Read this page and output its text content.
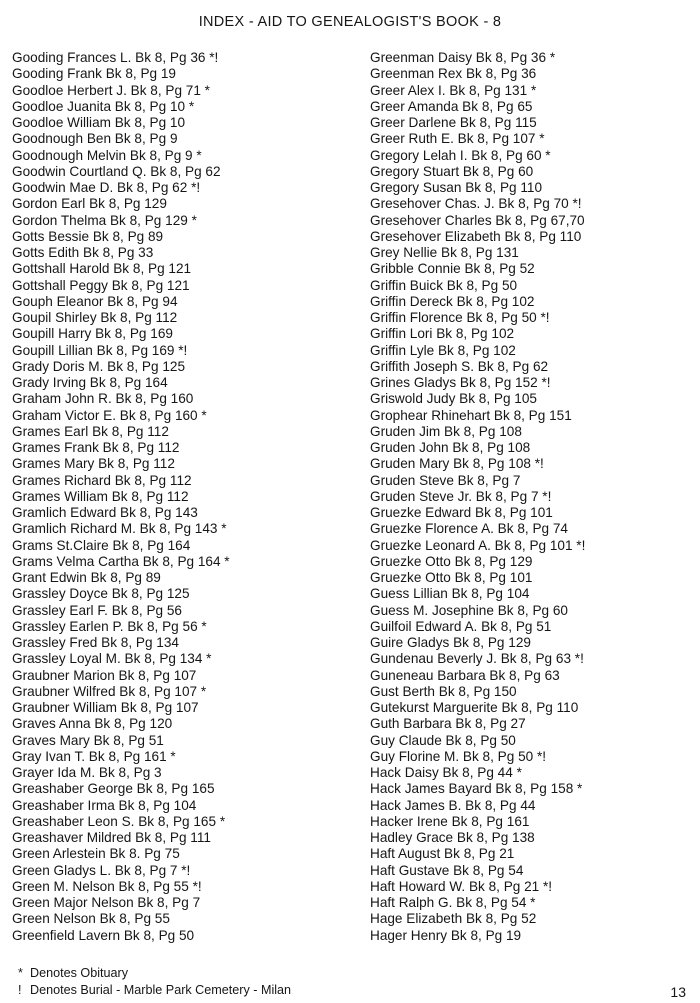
INDEX - AID TO GENEALOGIST'S BOOK - 8
Gooding Frances L. Bk 8, Pg 36 *!
Gooding Frank Bk 8, Pg 19
Goodloe Herbert J. Bk 8, Pg 71 *
Goodloe Juanita Bk 8, Pg 10 *
Goodloe William Bk 8, Pg 10
Goodnough Ben Bk 8, Pg 9
Goodnough Melvin Bk 8, Pg 9 *
Goodwin Courtland Q. Bk 8, Pg 62
Goodwin Mae D. Bk 8, Pg 62 *!
Gordon Earl Bk 8, Pg 129
Gordon Thelma Bk 8, Pg 129 *
Gotts Bessie Bk 8, Pg 89
Gotts Edith Bk 8, Pg 33
Gottshall Harold Bk 8, Pg 121
Gottshall Peggy Bk 8, Pg 121
Gouph Eleanor Bk 8, Pg 94
Goupil Shirley Bk 8, Pg 112
Goupill Harry Bk 8, Pg 169
Goupill Lillian Bk 8, Pg 169 *!
Grady Doris M. Bk 8, Pg 125
Grady Irving Bk 8, Pg 164
Graham John R. Bk 8, Pg 160
Graham Victor E. Bk 8, Pg 160 *
Grames Earl Bk 8, Pg 112
Grames Frank Bk 8, Pg 112
Grames Mary Bk 8, Pg 112
Grames Richard Bk 8, Pg 112
Grames William Bk 8, Pg 112
Gramlich Edward Bk 8, Pg 143
Gramlich Richard M. Bk 8, Pg 143 *
Grams St.Claire Bk 8, Pg 164
Grams Velma Cartha Bk 8, Pg 164 *
Grant Edwin Bk 8, Pg 89
Grassley Doyce Bk 8, Pg 125
Grassley Earl F. Bk 8, Pg 56
Grassley Earlen P. Bk 8, Pg 56 *
Grassley Fred Bk 8, Pg 134
Grassley Loyal M. Bk 8, Pg 134 *
Graubner Marion Bk 8, Pg 107
Graubner Wilfred Bk 8, Pg 107 *
Graubner William Bk 8, Pg 107
Graves Anna Bk 8, Pg 120
Graves Mary Bk 8, Pg 51
Gray Ivan T. Bk 8, Pg 161 *
Grayer Ida M. Bk 8, Pg 3
Greashaber George Bk 8, Pg 165
Greashaber Irma Bk 8, Pg 104
Greashaber Leon S. Bk 8, Pg 165 *
Greashaver Mildred Bk 8, Pg 111
Green Arlestein Bk 8. Pg 75
Green Gladys L. Bk 8, Pg 7 *!
Green M. Nelson Bk 8, Pg 55 *!
Green Major Nelson Bk 8, Pg 7
Green Nelson Bk 8, Pg 55
Greenfield Lavern Bk 8, Pg 50
Greenman Daisy Bk 8, Pg 36 *
Greenman Rex Bk 8, Pg 36
Greer Alex I. Bk 8, Pg 131 *
Greer Amanda Bk 8, Pg 65
Greer Darlene Bk 8, Pg 115
Greer Ruth E. Bk 8, Pg 107 *
Gregory Lelah I. Bk 8, Pg 60 *
Gregory Stuart Bk 8, Pg 60
Gregory Susan Bk 8, Pg 110
Gresehover Chas. J. Bk 8, Pg 70 *!
Gresehover Charles Bk 8, Pg 67,70
Gresehover Elizabeth Bk 8, Pg 110
Grey Nellie Bk 8, Pg 131
Gribble Connie Bk 8, Pg 52
Griffin Buick Bk 8, Pg 50
Griffin Dereck Bk 8, Pg 102
Griffin Florence Bk 8, Pg 50 *!
Griffin Lori Bk 8, Pg 102
Griffin Lyle Bk 8, Pg 102
Griffith Joseph S. Bk 8, Pg 62
Grines Gladys Bk 8, Pg 152 *!
Griswold Judy Bk 8, Pg 105
Grophear Rhinehart Bk 8, Pg 151
Gruden Jim Bk 8, Pg 108
Gruden John Bk 8, Pg 108
Gruden Mary Bk 8, Pg 108 *!
Gruden Steve Bk 8, Pg 7
Gruden Steve Jr. Bk 8, Pg 7 *!
Gruezke Edward Bk 8, Pg 101
Gruezke Florence A. Bk 8, Pg 74
Gruezke Leonard A. Bk 8, Pg 101 *!
Gruezke Otto Bk 8, Pg 129
Gruezke Otto Bk 8, Pg 101
Guess Lillian Bk 8, Pg 104
Guess M. Josephine Bk 8, Pg 60
Guilfoil Edward A. Bk 8, Pg 51
Guire Gladys Bk 8, Pg 129
Gundenau Beverly J. Bk 8, Pg 63 *!
Guneneau Barbara Bk 8, Pg 63
Gust Berth Bk 8, Pg 150
Gutekurst Marguerite Bk 8, Pg 110
Guth Barbara Bk 8, Pg 27
Guy Claude Bk 8, Pg 50
Guy Florine M. Bk 8, Pg 50 *!
Hack Daisy Bk 8, Pg 44 *
Hack James Bayard Bk 8, Pg 158 *
Hack James B. Bk 8, Pg 44
Hacker Irene Bk 8, Pg 161
Hadley Grace Bk 8, Pg 138
Haft August Bk 8, Pg 21
Haft Gustave Bk 8, Pg 54
Haft Howard W. Bk 8, Pg 21 *!
Haft Ralph G. Bk 8, Pg 54 *
Hage Elizabeth Bk 8, Pg 52
Hager Henry Bk 8, Pg 19
* Denotes Obituary
! Denotes Burial - Marble Park Cemetery - Milan	13
